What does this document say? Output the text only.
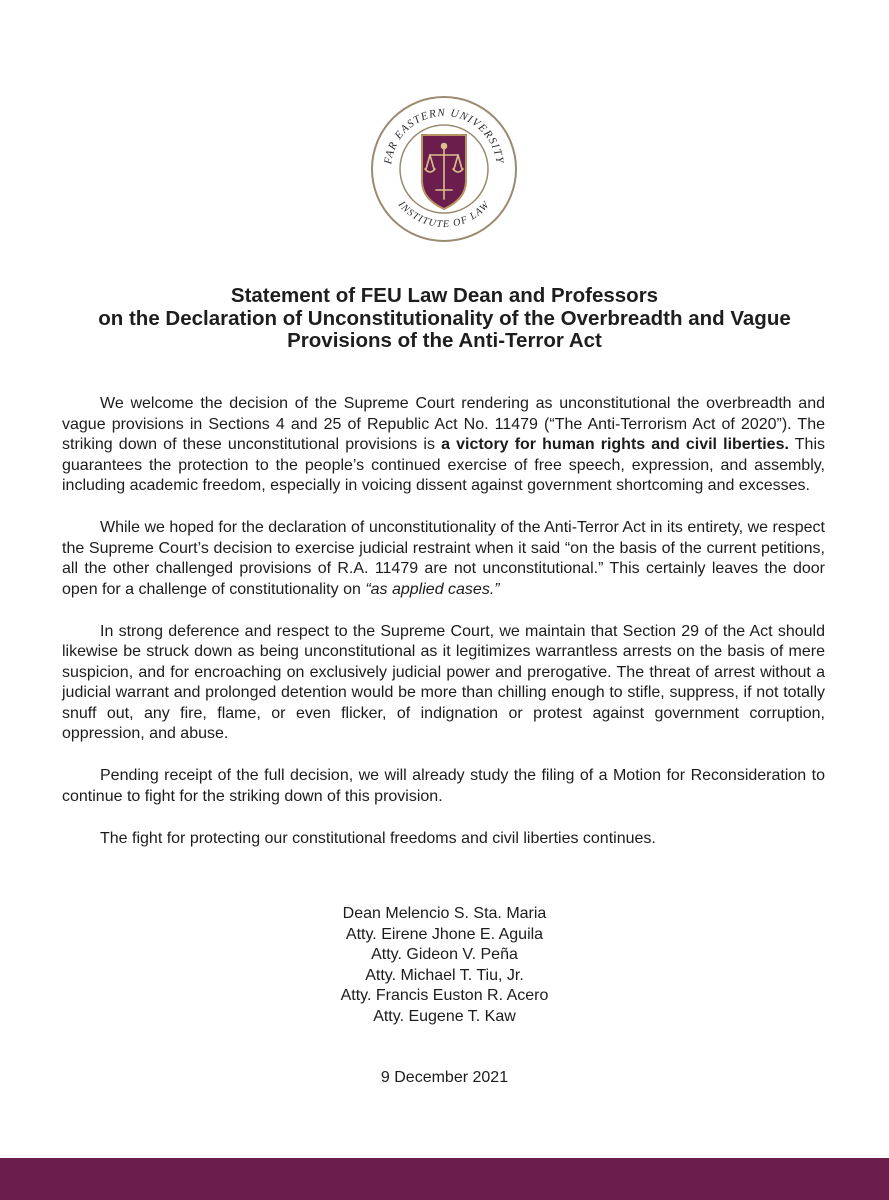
FAR EASTERN UNIVERSITY
INSTITUTE OF LAW
Statement of FEU Law Dean and Professors
on the Declaration of Unconstitutionality of the Overbreadth and Vague
Provisions of the Anti-Terror Act

We welcome the decision of the Supreme Court rendering as unconstitutional the overbreadth and vague provisions in Sections 4 and 25 of Republic Act No. 11479 (“The Anti-Terrorism Act of 2020”). The striking down of these unconstitutional provisions is a victory for human rights and civil liberties. This guarantees the protection to the people’s continued exercise of free speech, expression, and assembly, including academic freedom, especially in voicing dissent against government shortcoming and excesses.

While we hoped for the declaration of unconstitutionality of the Anti-Terror Act in its entirety, we respect the Supreme Court’s decision to exercise judicial restraint when it said “on the basis of the current petitions, all the other challenged provisions of R.A. 11479 are not unconstitutional.” This certainly leaves the door open for a challenge of constitutionality on “as applied cases.”

In strong deference and respect to the Supreme Court, we maintain that Section 29 of the Act should likewise be struck down as being unconstitutional as it legitimizes warrantless arrests on the basis of mere suspicion, and for encroaching on exclusively judicial power and prerogative. The threat of arrest without a judicial warrant and prolonged detention would be more than chilling enough to stifle, suppress, if not totally snuff out, any fire, flame, or even flicker, of indignation or protest against government corruption, oppression, and abuse.

Pending receipt of the full decision, we will already study the filing of a Motion for Reconsideration to continue to fight for the striking down of this provision.

The fight for protecting our constitutional freedoms and civil liberties continues.

Dean Melencio S. Sta. Maria
Atty. Eirene Jhone E. Aguila
Atty. Gideon V. Peña
Atty. Michael T. Tiu, Jr.
Atty. Francis Euston R. Acero
Atty. Eugene T. Kaw
9 December 2021
